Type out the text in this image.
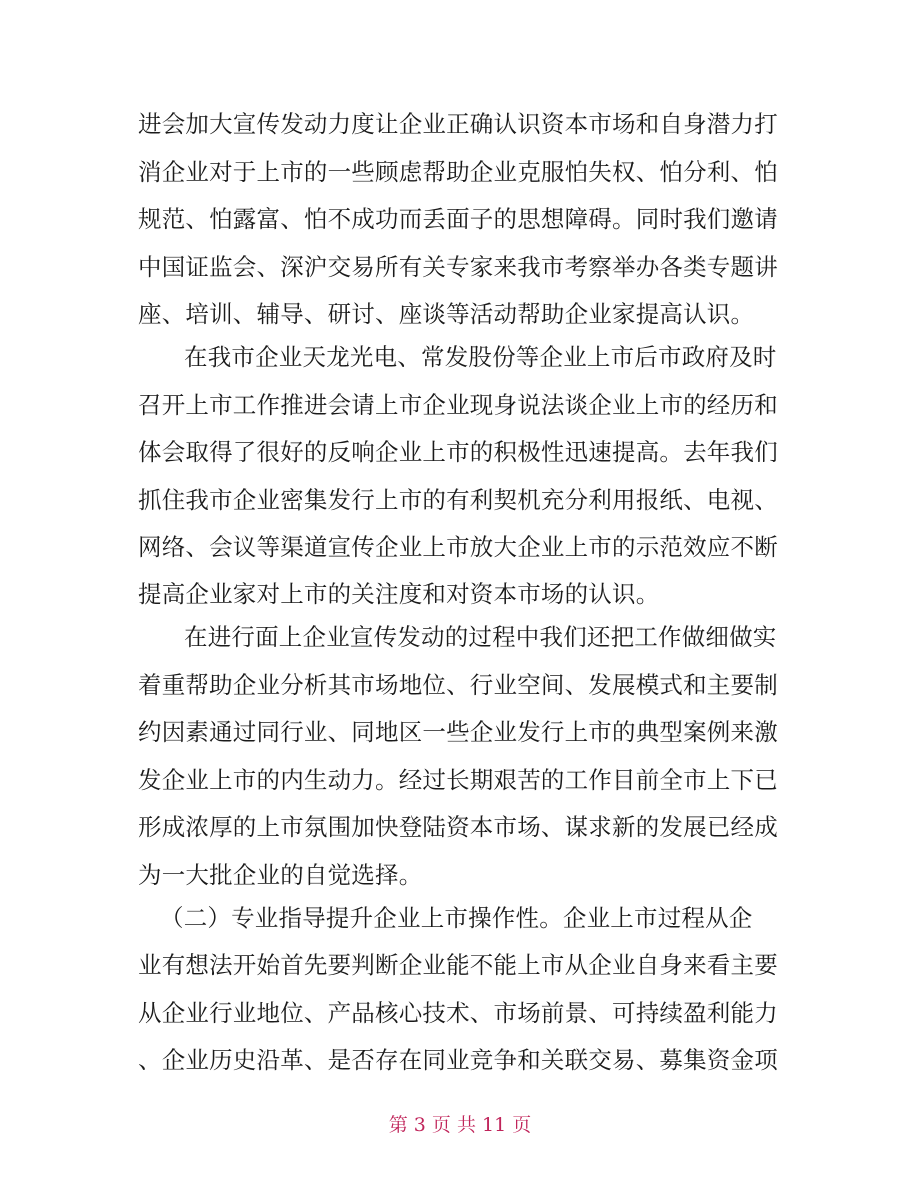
进会加大宣传发动力度让企业正确认识资本市场和自身潜力打
消企业对于上市的一些顾虑帮助企业克服怕失权、怕分利、怕
规范、怕露富、怕不成功而丢面子的思想障碍。同时我们邀请
中国证监会、深沪交易所有关专家来我市考察举办各类专题讲
座、培训、辅导、研讨、座谈等活动帮助企业家提高认识。
在我市企业天龙光电、常发股份等企业上市后市政府及时
召开上市工作推进会请上市企业现身说法谈企业上市的经历和
体会取得了很好的反响企业上市的积极性迅速提高。去年我们
抓住我市企业密集发行上市的有利契机充分利用报纸、电视、
网络、会议等渠道宣传企业上市放大企业上市的示范效应不断
提高企业家对上市的关注度和对资本市场的认识。
在进行面上企业宣传发动的过程中我们还把工作做细做实
着重帮助企业分析其市场地位、行业空间、发展模式和主要制
约因素通过同行业、同地区一些企业发行上市的典型案例来激
发企业上市的内生动力。经过长期艰苦的工作目前全市上下已
形成浓厚的上市氛围加快登陆资本市场、谋求新的发展已经成
为一大批企业的自觉选择。
（二）专业指导提升企业上市操作性。企业上市过程从企
业有想法开始首先要判断企业能不能上市从企业自身来看主要
从企业行业地位、产品核心技术、市场前景、可持续盈利能力
、企业历史沿革、是否存在同业竞争和关联交易、募集资金项
第 3 页 共 11 页
